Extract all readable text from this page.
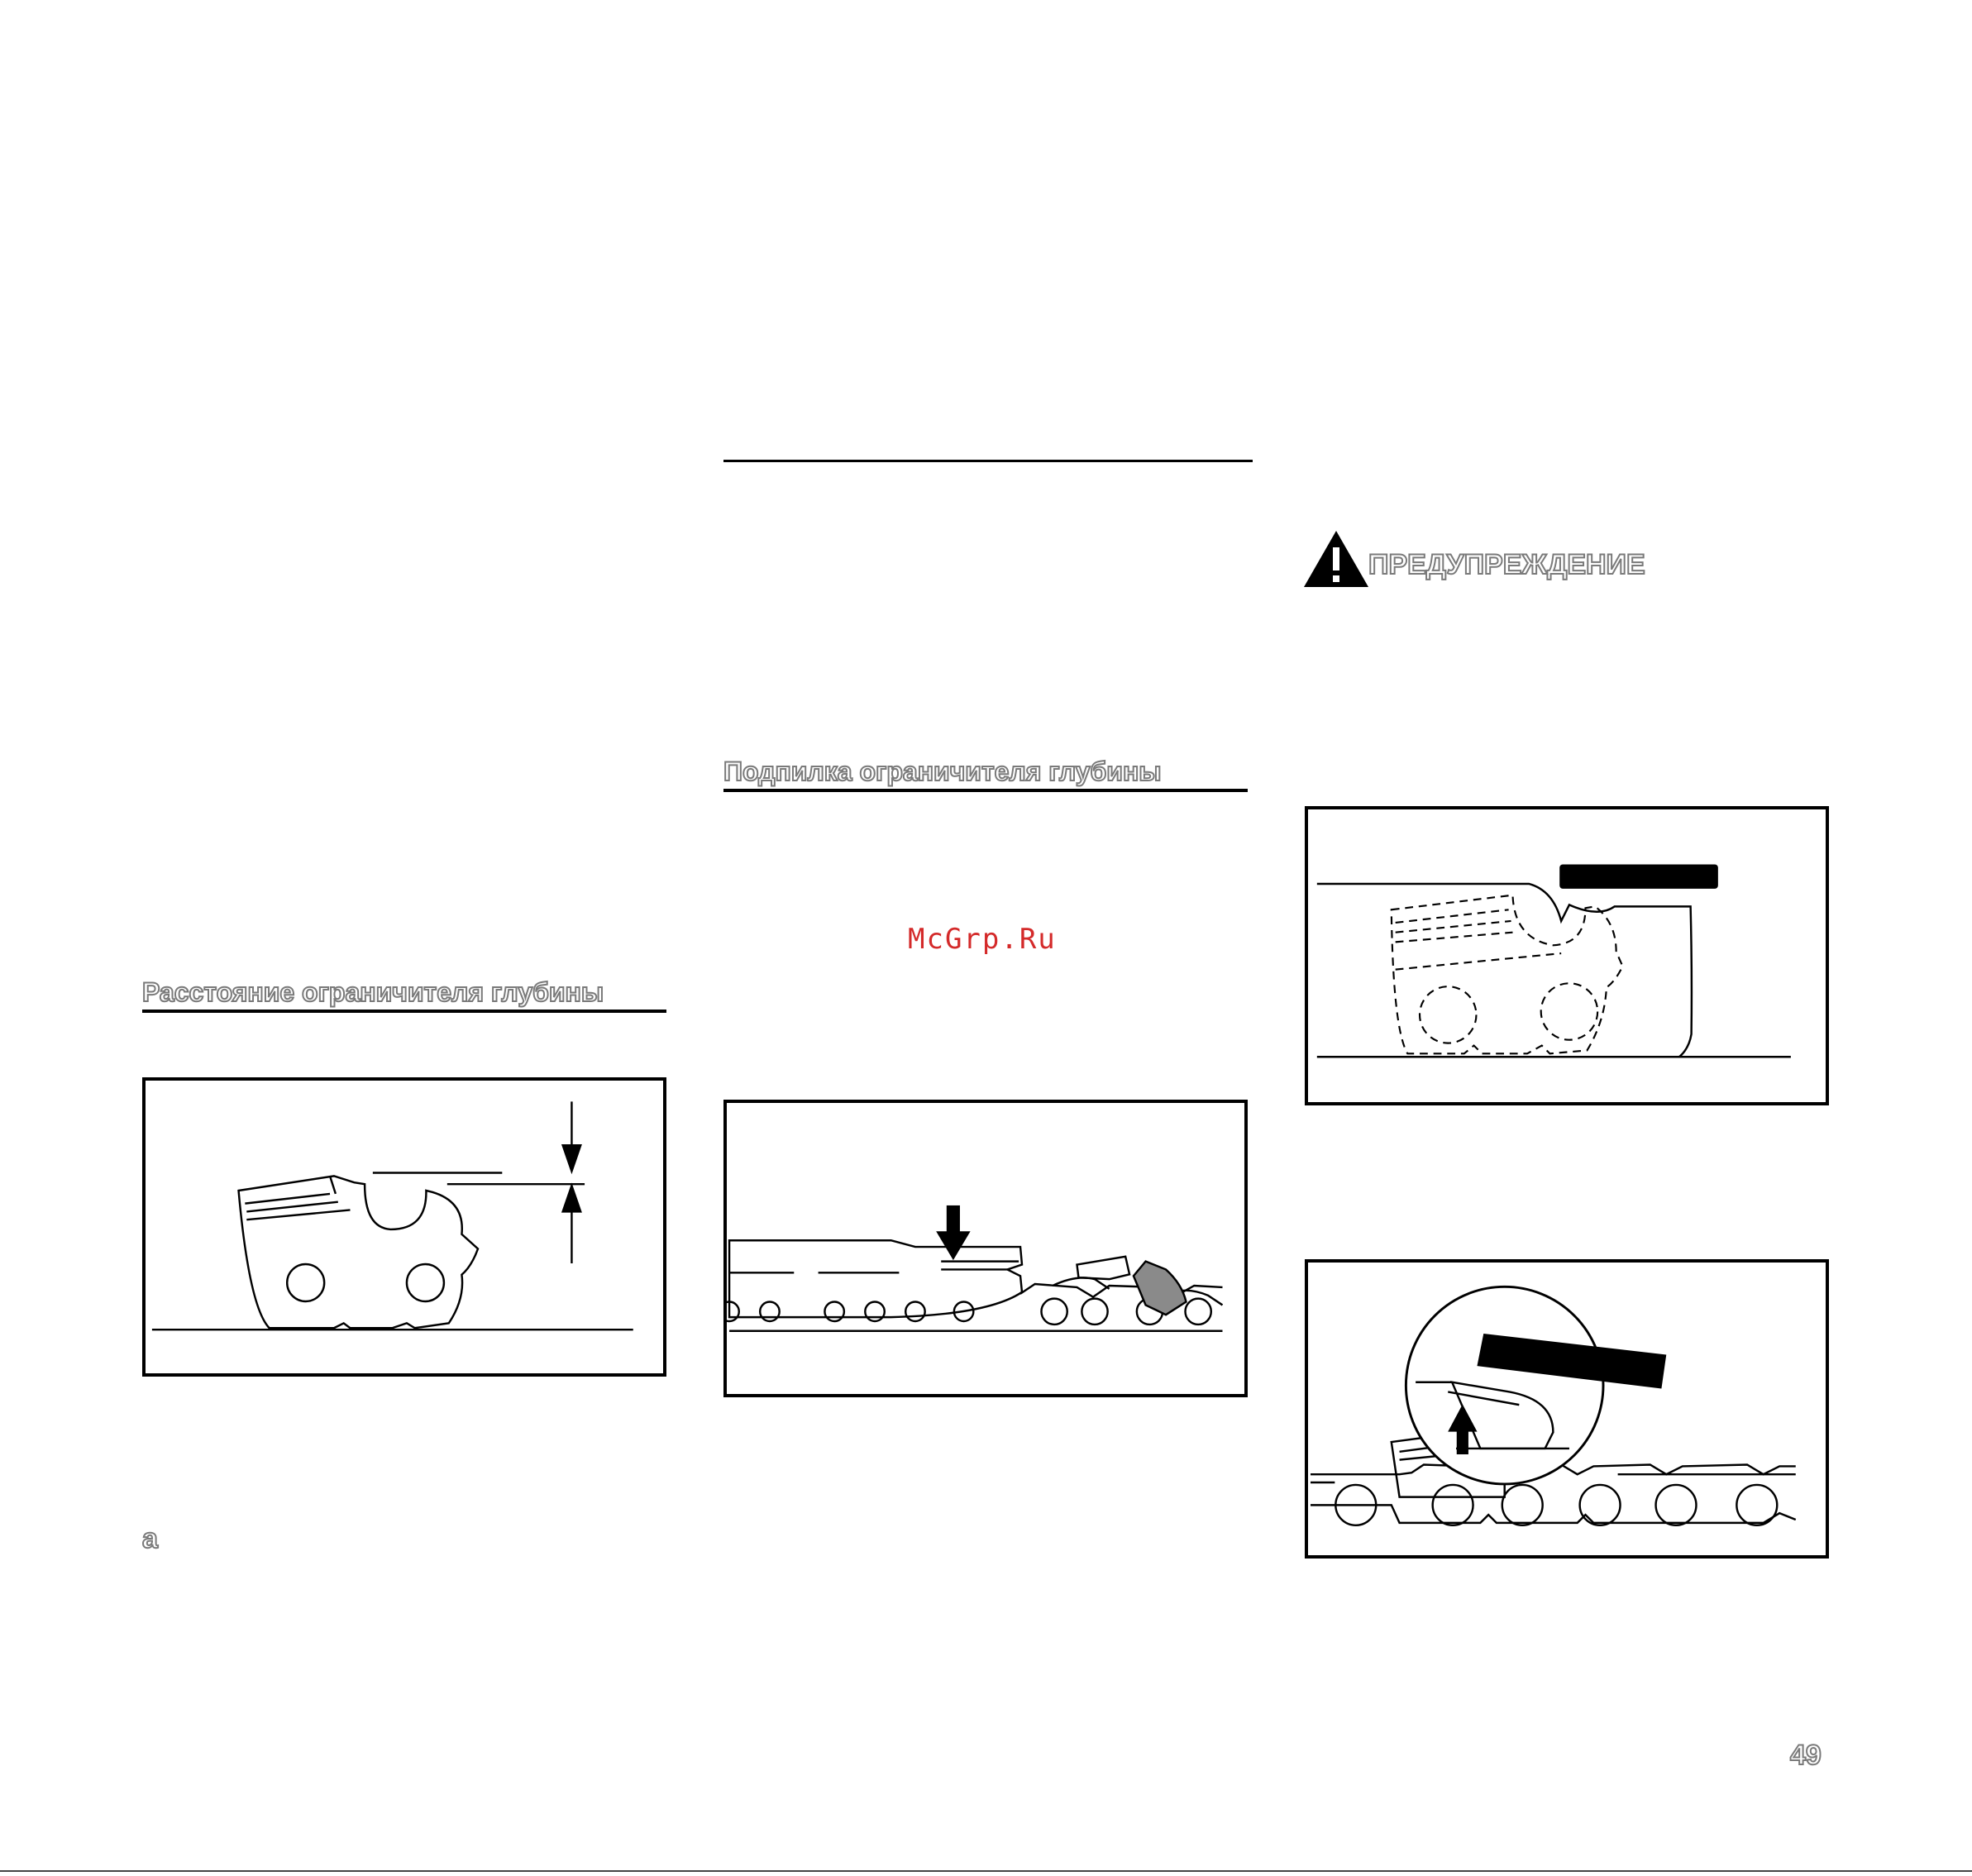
Расстояние ограничителя глубины

a

Подпилка ограничителя глубины

McGrp.Ru

ПРЕДУПРЕЖДЕНИЕ

49
